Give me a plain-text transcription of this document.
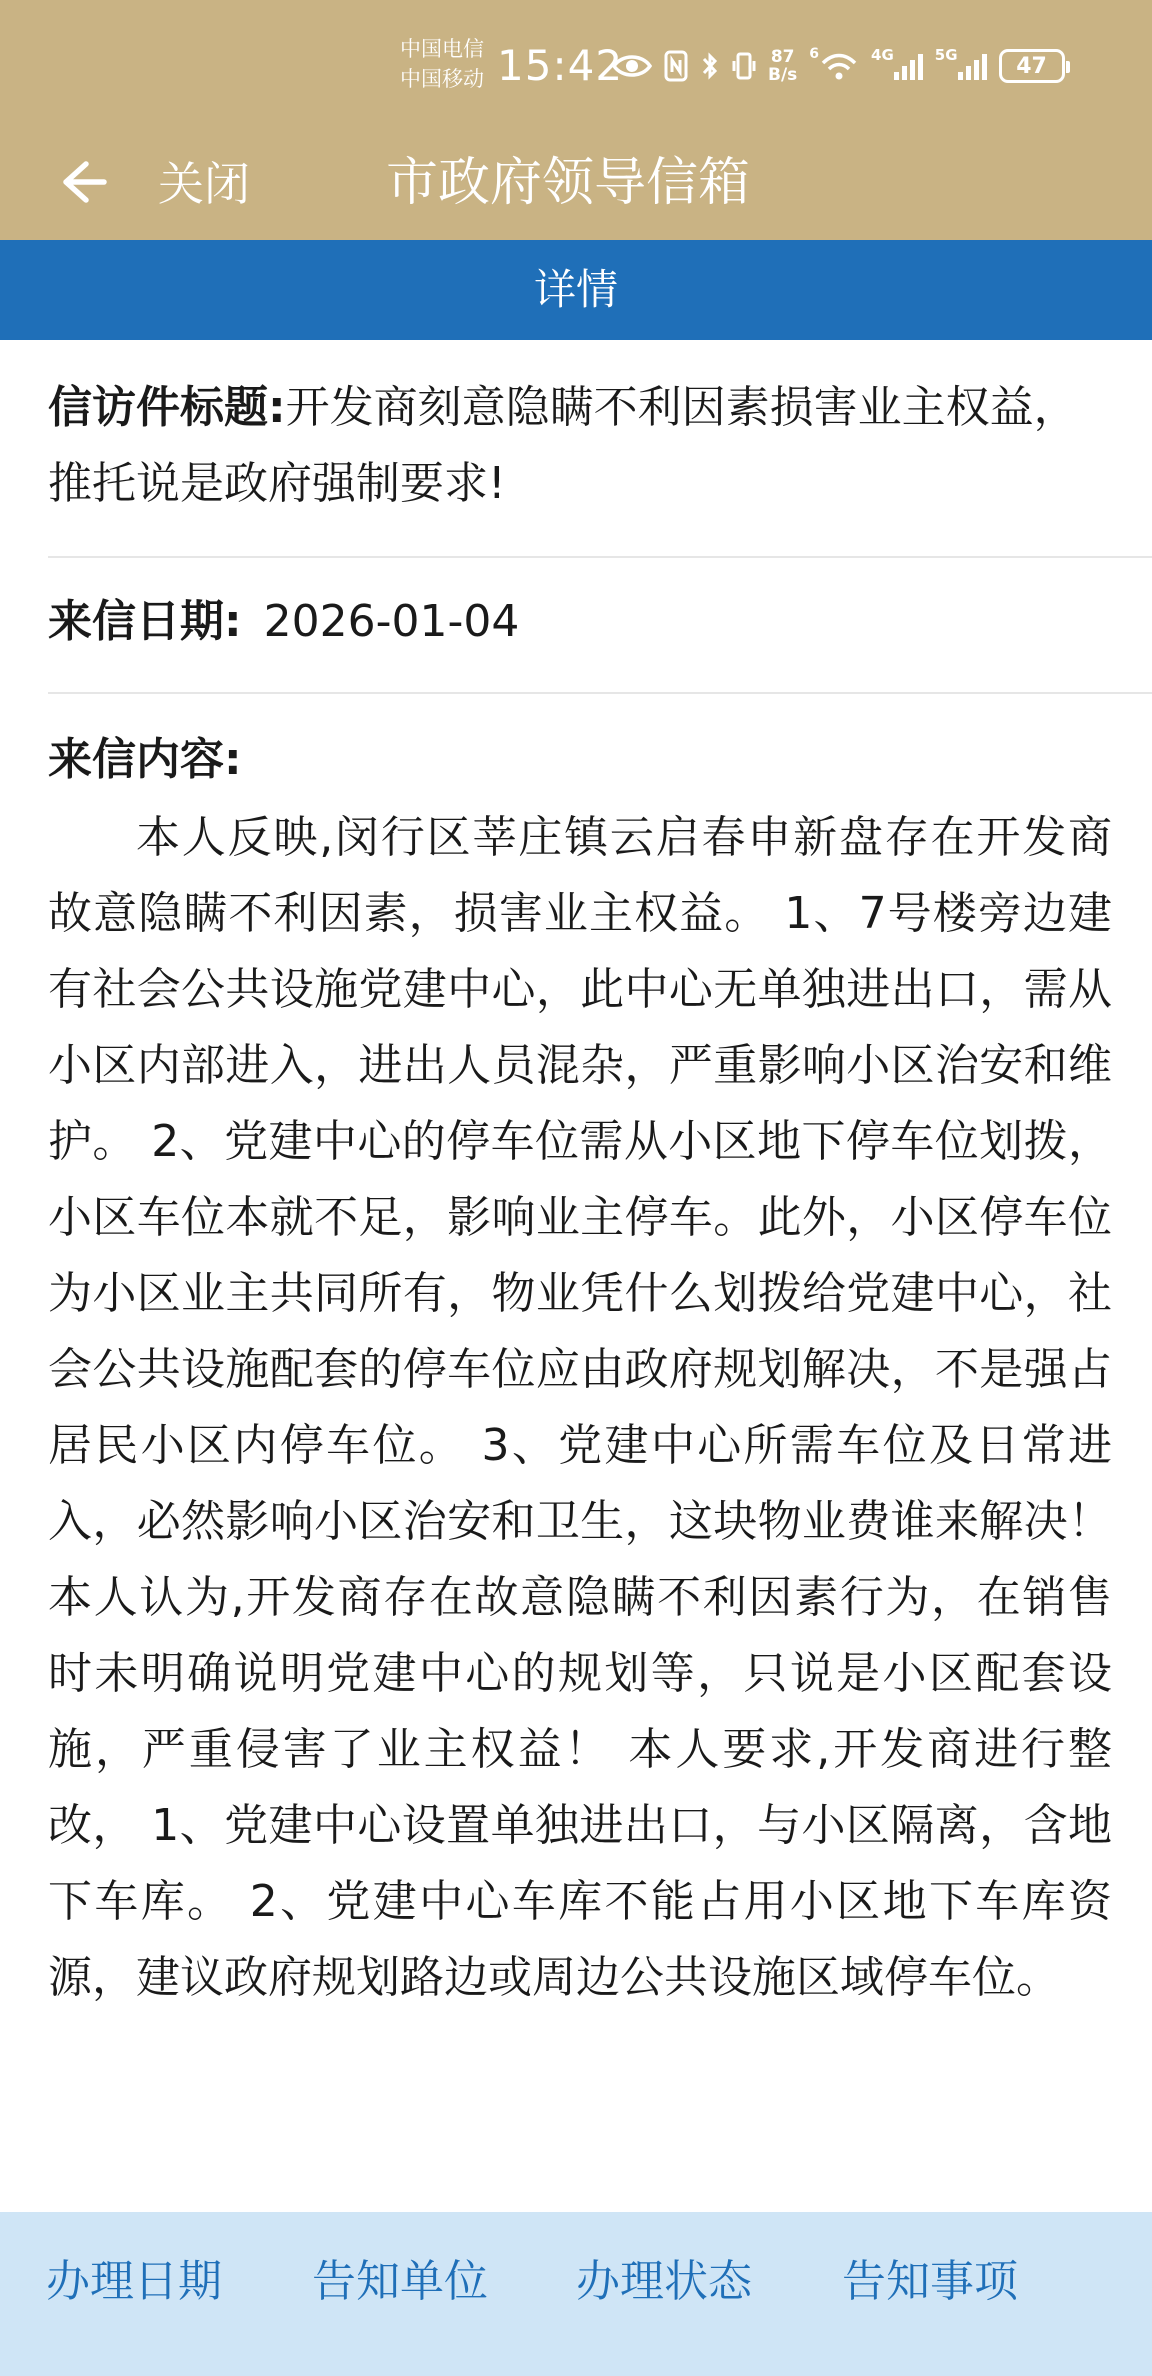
中国电信
中国移动 15:42	87
B/s
6	4G	5G	47
关闭	市政府领导信箱
详情
信访件标题:开发商刻意隐瞒不利因素损害业主权益，推托说是政府强制要求!
来信日期: 2026-01-04
来信内容:
本人反映,闵行区莘庄镇云启春申新盘存在开发商故意隐瞒不利因素，损害业主权益。 1、7号楼旁边建有社会公共设施党建中心，此中心无单独进出口，需从小区内部进入，进出人员混杂，严重影响小区治安和维护。 2、党建中心的停车位需从小区地下停车位划拨，小区车位本就不足，影响业主停车。此外，小区停车位为小区业主共同所有，物业凭什么划拨给党建中心，社会公共设施配套的停车位应由政府规划解决，不是强占居民小区内停车位。 3、党建中心所需车位及日常进入，必然影响小区治安和卫生，这块物业费谁来解决！ 本人认为,开发商存在故意隐瞒不利因素行为，在销售时未明确说明党建中心的规划等，只说是小区配套设施，严重侵害了业主权益！ 本人要求,开发商进行整改， 1、党建中心设置单独进出口，与小区隔离，含地下车库。 2、党建中心车库不能占用小区地下车库资源，建议政府规划路边或周边公共设施区域停车位。
办理日期 告知单位 办理状态 告知事项
